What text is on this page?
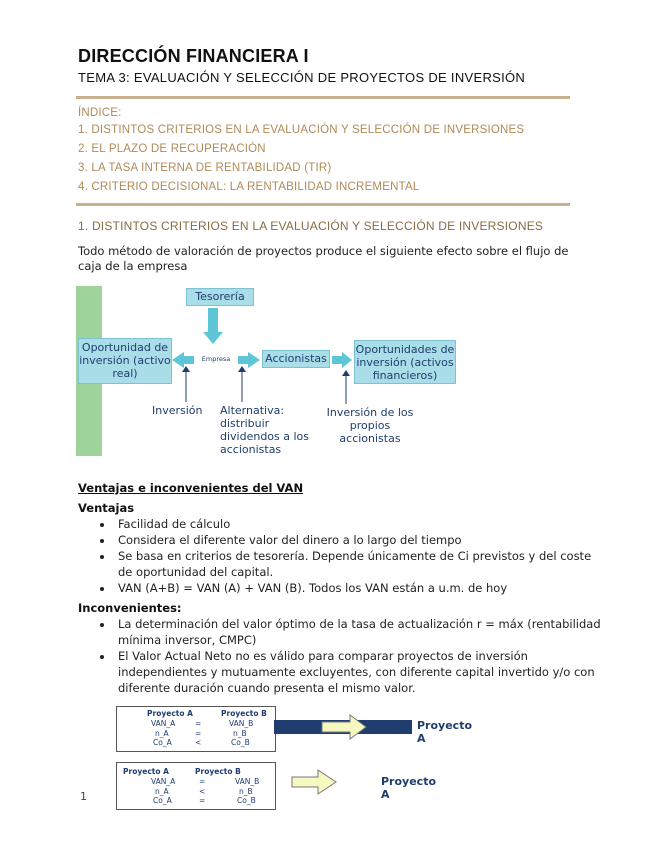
DIRECCIÓN FINANCIERA I
TEMA 3: EVALUACIÓN Y SELECCIÓN DE PROYECTOS DE INVERSIÓN
ÍNDICE:
1. DISTINTOS CRITERIOS EN LA EVALUACIÓN Y SELECCIÓN DE INVERSIONES
2. EL PLAZO DE RECUPERACIÓN
3. LA TASA INTERNA DE RENTABILIDAD (TIR)
4. CRITERIO DECISIONAL: LA RENTABILIDAD INCREMENTAL
1. DISTINTOS CRITERIOS EN LA EVALUACIÓN Y SELECCIÓN DE INVERSIONES
Todo método de valoración de proyectos produce el siguiente efecto sobre el flujo de caja de la empresa
Tesorería
Oportunidad de inversión (activo real)
Empresa	Accionistas
Oportunidades de inversión (activos financieros)
Inversión Alternativa: distribuir dividendos a los accionistas
Inversión de los propios accionistas
Ventajas e inconvenientes del VAN
Ventajas
• Facilidad de cálculo
• Considera el diferente valor del dinero a lo largo del tiempo
• Se basa en criterios de tesorería. Depende únicamente de Ci previstos y del coste de oportunidad del capital.
• VAN (A+B) = VAN (A) + VAN (B). Todos los VAN están a u.m. de hoy
Inconvenientes:
• La determinación del valor óptimo de la tasa de actualización r = máx (rentabilidad mínima inversor, CMPC)
• El Valor Actual Neto no es válido para comparar proyectos de inversión independientes y mutuamente excluyentes, con diferente capital invertido y/o con diferente duración cuando presenta el mismo valor.
Proyecto A	Proyecto B
VAN_A	=	VAN_B
n_A	=	n_B
Co_A	<	Co_B
Proyecto A
Proyecto A	Proyecto B
VAN_A	=	VAN_B
n_A	<	n_B
Co_A	=	Co_B
Proyecto A
1
